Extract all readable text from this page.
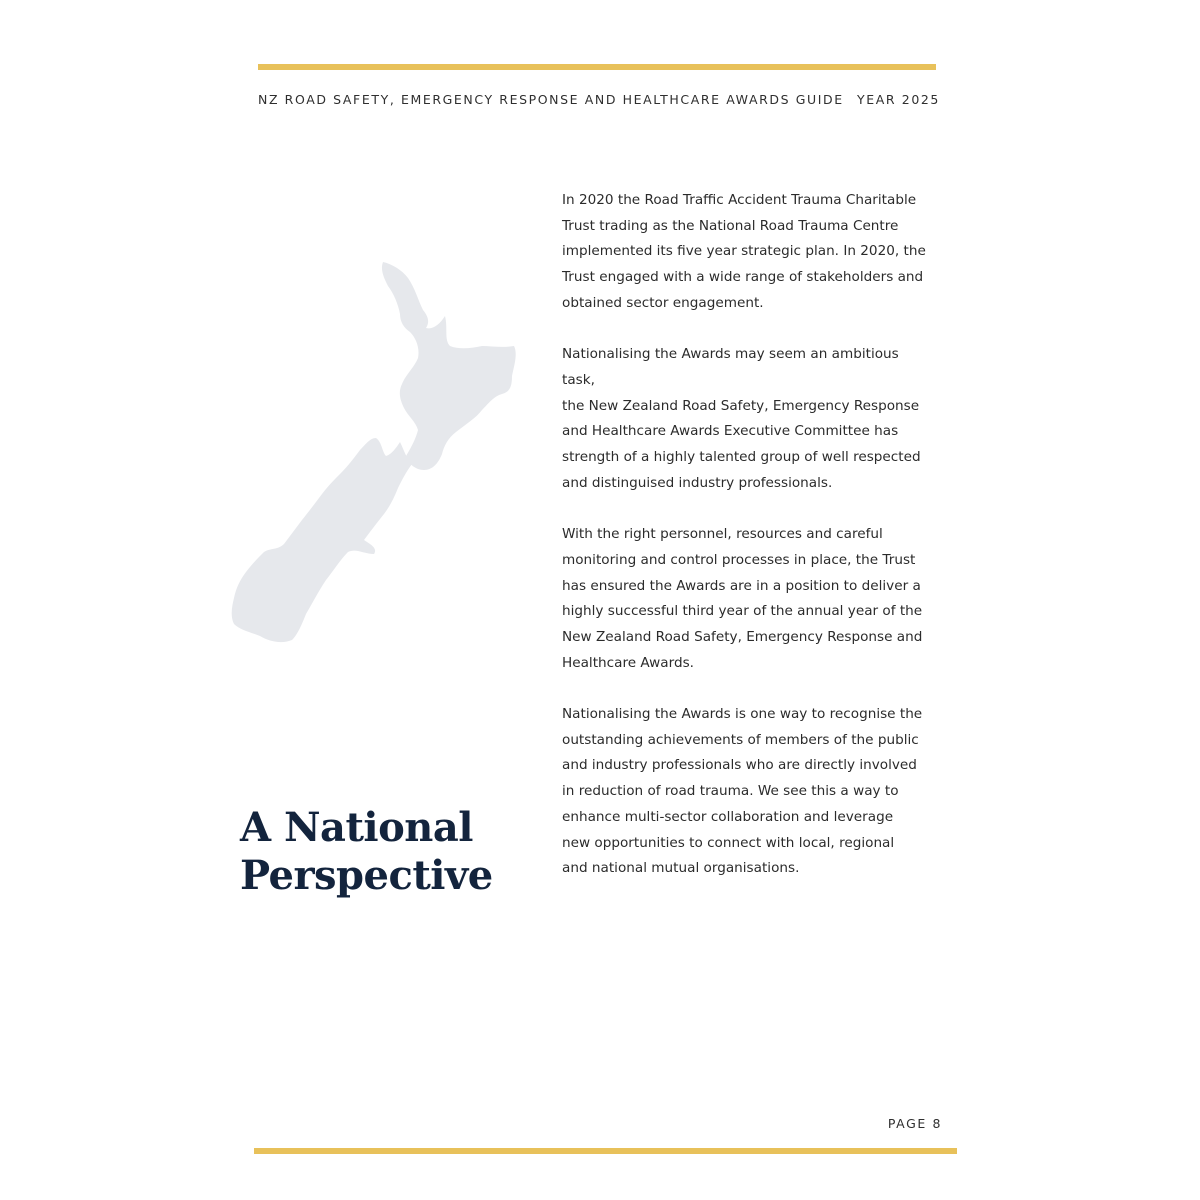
NZ ROAD SAFETY, EMERGENCY RESPONSE AND HEALTHCARE AWARDS GUIDE YEAR 2025
A National
Perspective

In 2020 the Road Traffic Accident Trauma Charitable
Trust trading as the National Road Trauma Centre
implemented its five year strategic plan. In 2020, the
Trust engaged with a wide range of stakeholders and
obtained sector engagement.

Nationalising the Awards may seem an ambitious
task,
the New Zealand Road Safety, Emergency Response
and Healthcare Awards Executive Committee has
strength of a highly talented group of well respected
and distinguised industry professionals.

With the right personnel, resources and careful
monitoring and control processes in place, the Trust
has ensured the Awards are in a position to deliver a
highly successful third year of the annual year of the
New Zealand Road Safety, Emergency Response and
Healthcare Awards.

Nationalising the Awards is one way to recognise the
outstanding achievements of members of the public
and industry professionals who are directly involved
in reduction of road trauma. We see this a way to
enhance multi-sector collaboration and leverage
new opportunities to connect with local, regional
and national mutual organisations.

PAGE 8
